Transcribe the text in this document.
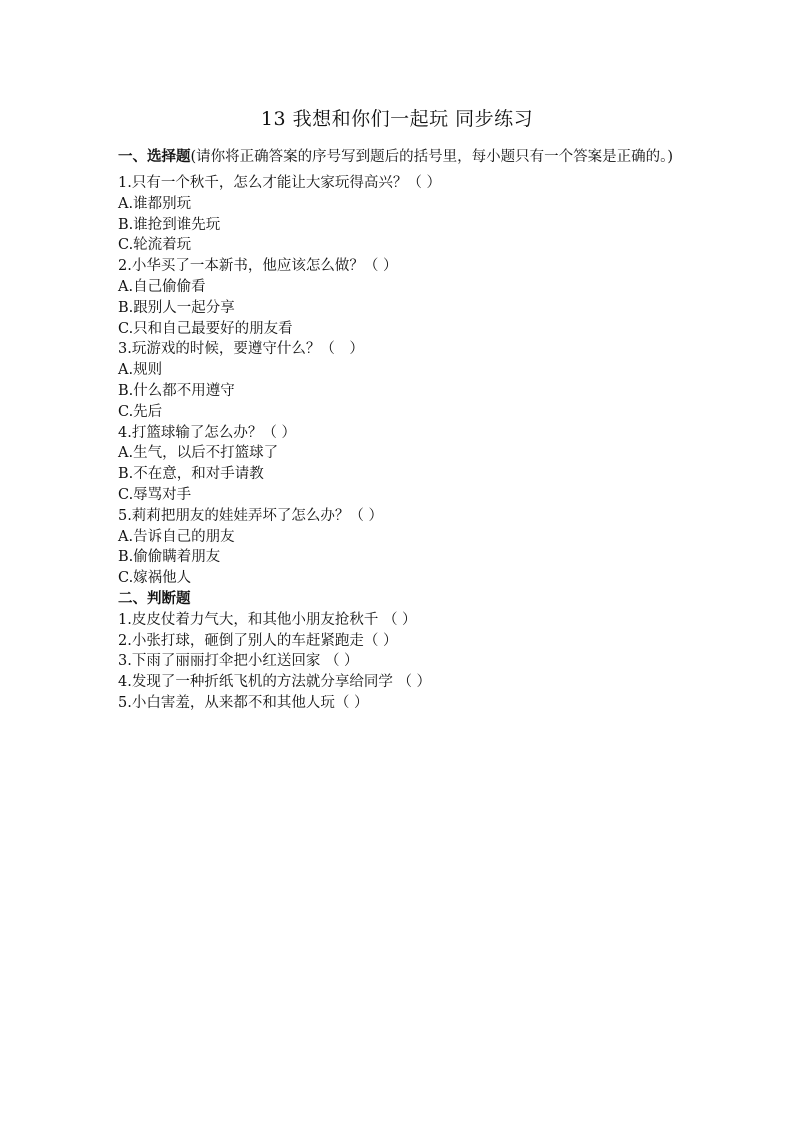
13 我想和你们一起玩 同步练习
一、选择题(请你将正确答案的序号写到题后的括号里，每小题只有一个答案是正确的。)
1.只有一个秋千，怎么才能让大家玩得高兴？（ ）
A.谁都别玩
B.谁抢到谁先玩
C.轮流着玩
2.小华买了一本新书，他应该怎么做？（ ）
A.自己偷偷看
B.跟别人一起分享
C.只和自己最要好的朋友看
3.玩游戏的时候，要遵守什么？（　）
A.规则
B.什么都不用遵守
C.先后
4.打篮球输了怎么办？（ ）
A.生气，以后不打篮球了
B.不在意，和对手请教
C.辱骂对手
5.莉莉把朋友的娃娃弄坏了怎么办？（ ）
A.告诉自己的朋友
B.偷偷瞒着朋友
C.嫁祸他人
二、判断题
1.皮皮仗着力气大，和其他小朋友抢秋千 （ ）
2.小张打球，砸倒了别人的车赶紧跑走（ ）
3.下雨了丽丽打伞把小红送回家 （ ）
4.发现了一种折纸飞机的方法就分享给同学 （ ）
5.小白害羞，从来都不和其他人玩（ ）
